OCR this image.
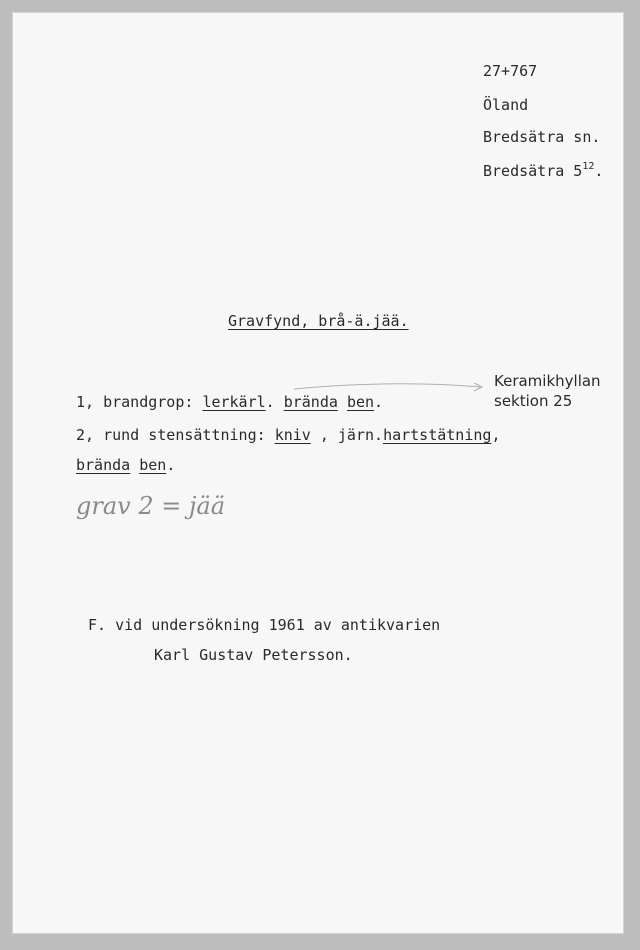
27+767
Öland
Bredsätra sn.
Bredsätra $5^{12}$.
Gravfynd, brå-ä.jää.
Keramikhyllan
sektion 25
1, brandgrop: lerkärl. brända ben.
2, rund stensättning: kniv , järn.hartstätning,
brända ben.
grav 2 = jää
F. vid undersökning 1961 av antikvarien
Karl Gustav Petersson.
